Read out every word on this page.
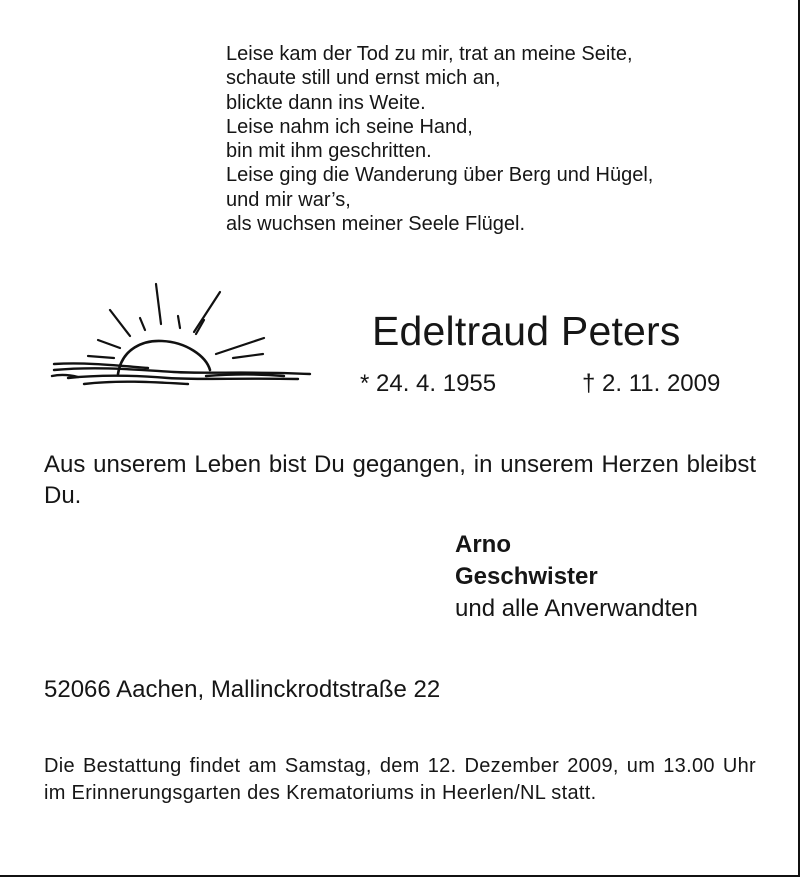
Leise kam der Tod zu mir, trat an meine Seite,
schaute still und ernst mich an,
blickte dann ins Weite.
Leise nahm ich seine Hand,
bin mit ihm geschritten.
Leise ging die Wanderung über Berg und Hügel,
und mir war’s,
als wuchsen meiner Seele Flügel.
Edeltraud Peters
* 24. 4. 1955	† 2. 11. 2009
Aus unserem Leben bist Du gegangen, in unserem Herzen bleibst Du.
Arno
Geschwister
und alle Anverwandten
52066 Aachen, Mallinckrodtstraße 22
Die Bestattung findet am Samstag, dem 12. Dezember 2009, um 13.00 Uhr im Erinnerungsgarten des Krematoriums in Heerlen/NL statt.
